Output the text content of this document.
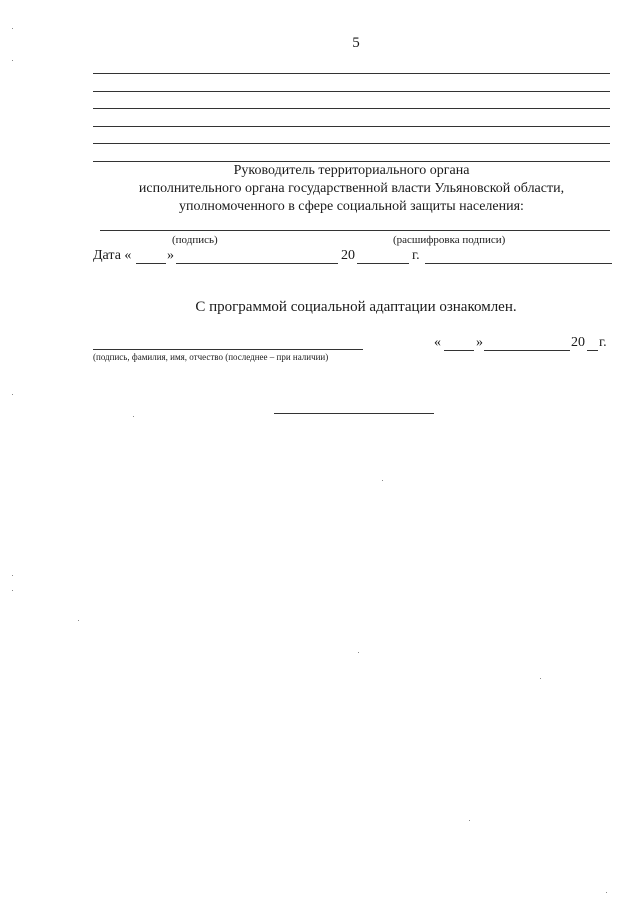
5
Руководитель территориального органа
исполнительного органа государственной власти Ульяновской области,
уполномоченного в сфере социальной защиты населения:
(подпись)	(расшифровка подписи)
Дата «	»	20	г.
С программой социальной адаптации ознакомлен.
(подпись, фамилия, имя, отчество (последнее – при наличии)
«	»	20 г.
